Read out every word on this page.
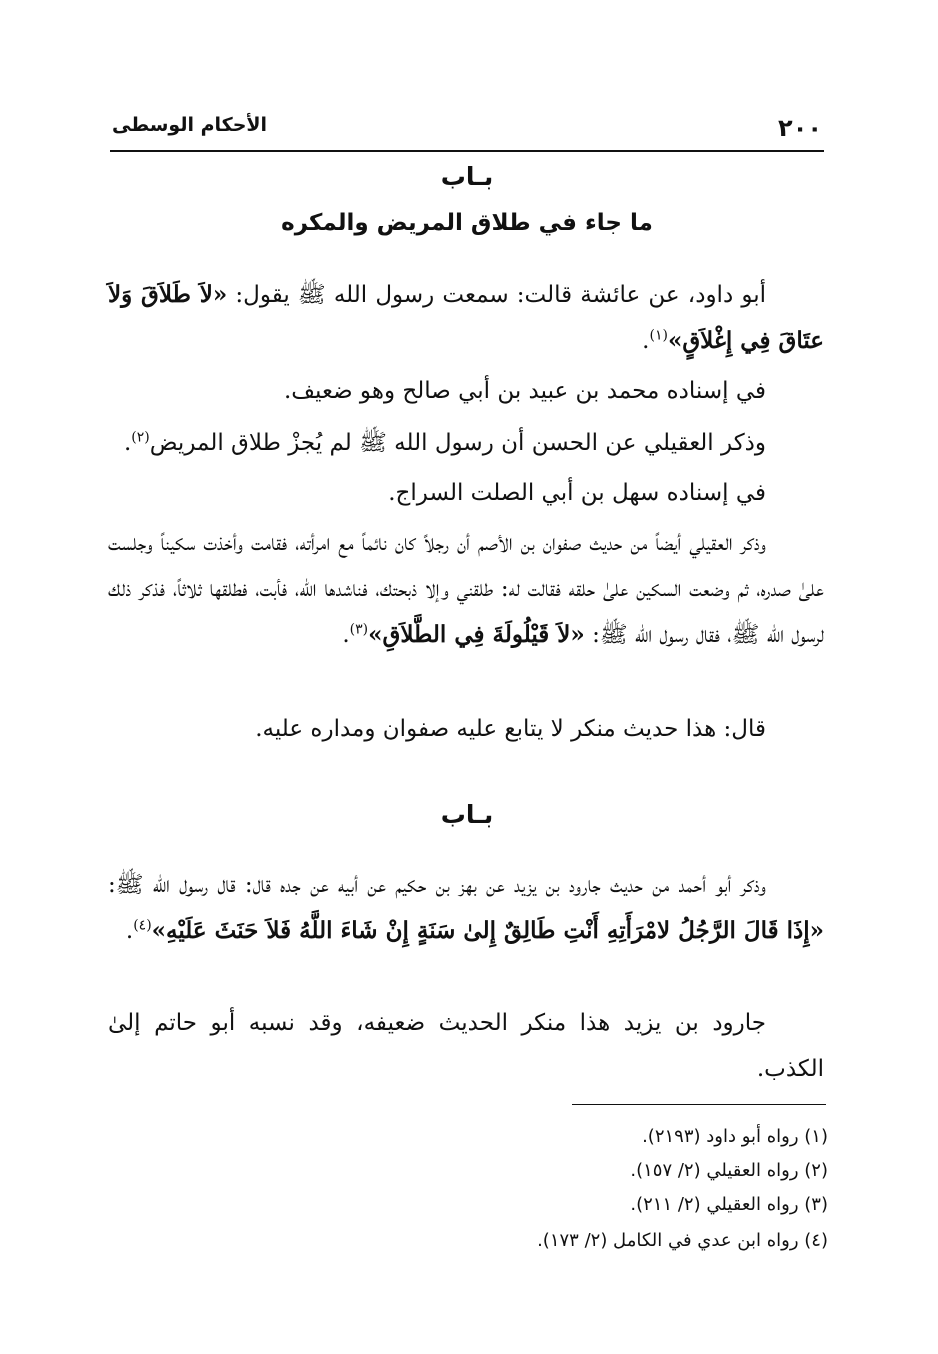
٢٠٠
الأحكام الوسطى
بـاب
ما جاء في طلاق المريض والمكره
أبو داود، عن عائشة قالت: سمعت رسول الله ﷺ يقول: «لاَ طَلاَقَ وَلاَ عتَاقَ فِي إِغْلاَقٍ»$^{(١)}$.
في إسناده محمد بن عبيد بن أبي صالح وهو ضعيف.
وذكر العقيلي عن الحسن أن رسول الله ﷺ لم يُجزْ طلاق المريض$^{(٢)}$.
في إسناده سهل بن أبي الصلت السراج.
وذكر العقيلي أيضاً من حديث صفوان بن الأصم أن رجلاً كان نائماً مع امرأته، فقامت وأخذت سكيناً وجلست علىٰ صدره، ثم وضعت السكين علىٰ حلقه فقالت له: طلقني وإلا ذبحتك، فناشدها الله، فأبت، فطلقها ثلاثاً، فذكر ذلك لرسول الله ﷺ، فقال رسول الله ﷺ: «لاَ قَيْلُولَةَ فِي الطَّلاَقِ»$^{(٣)}$.
قال: هذا حديث منكر لا يتابع عليه صفوان ومداره عليه.
بـاب
وذكر أبو أحمد من حديث جارود بن يزيد عن بهز بن حكيم عن أبيه عن جده قال: قال رسول الله ﷺ: «إِذَا قَالَ الرَّجُلُ لامْرَأَتِهِ أَنْتِ طَالِقٌ إِلىٰ سَنَةٍ إِنْ شَاءَ اللَّهُ فَلاَ حَنَثَ عَلَيْهِ»$^{(٤)}$.
جارود بن يزيد هذا منكر الحديث ضعيفه، وقد نسبه أبو حاتم إلىٰ الكذب.
(١) رواه أبو داود (٢١٩٣).
(٢) رواه العقيلي (٢/ ١٥٧).
(٣) رواه العقيلي (٢/ ٢١١).
(٤) رواه ابن عدي في الكامل (٢/ ١٧٣).
